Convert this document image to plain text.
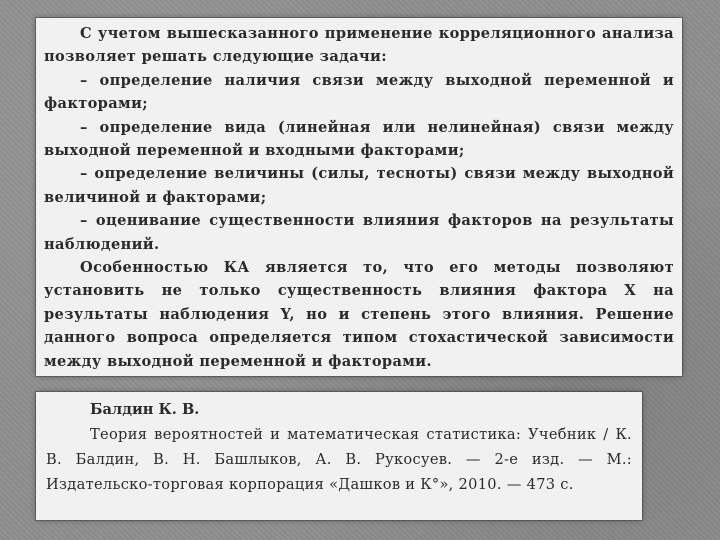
С учетом вышесказанного применение корреляционного анализа позволяет решать следующие задачи:

– определение наличия связи между выходной переменной и факторами;

– определение вида (линейная или нелинейная) связи между выходной переменной и входными факторами;

– определение величины (силы, тесноты) связи между выходной величиной и факторами;

– оценивание существенности влияния факторов на результаты наблюдений.

Особенностью КА является то, что его методы позволяют установить не только существенность влияния фактора X на результаты наблюдения Y, но и степень этого влияния. Решение данного вопроса определяется типом стохастической зависимости между выходной переменной и факторами.

Балдин К. В.

Теория вероятностей и математическая статистика: Учебник / К. В. Балдин, В. Н. Башлыков, А. В. Рукосуев. — 2-е изд. — М.: Издательско-торговая корпорация «Дашков и К°», 2010. — 473 с.
